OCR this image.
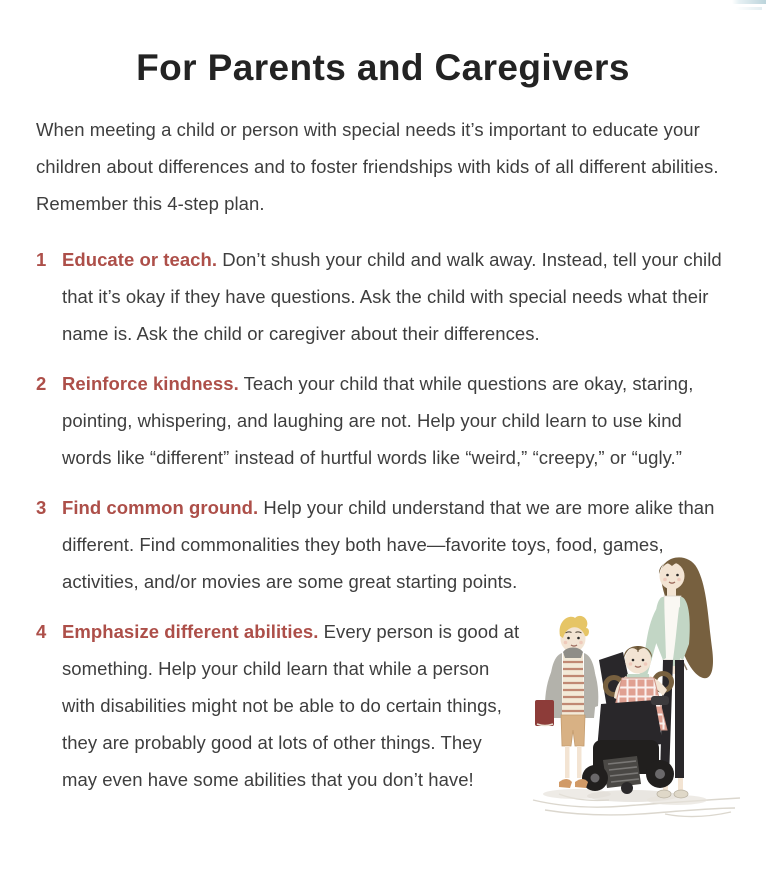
For Parents and Caregivers

When meeting a child or person with special needs it’s important to educate your children about differences and to foster friendships with kids of all different abilities. Remember this 4-step plan.

1 Educate or teach. Don’t shush your child and walk away. Instead, tell your child that it’s okay if they have questions. Ask the child with special needs what their name is. Ask the child or caregiver about their differences.
2 Reinforce kindness. Teach your child that while questions are okay, staring, pointing, whispering, and laughing are not. Help your child learn to use kind words like “different” instead of hurtful words like “weird,” “creepy,” or “ugly.”
3 Find common ground. Help your child understand that we are more alike than different. Find commonalities they both have—favorite toys, food, games, activities, and/or movies are some great starting points.
4 Emphasize different abilities. Every person is good at something. Help your child learn that while a person with disabilities might not be able to do certain things, they are probably good at lots of other things. They may even have some abilities that you don’t have!
